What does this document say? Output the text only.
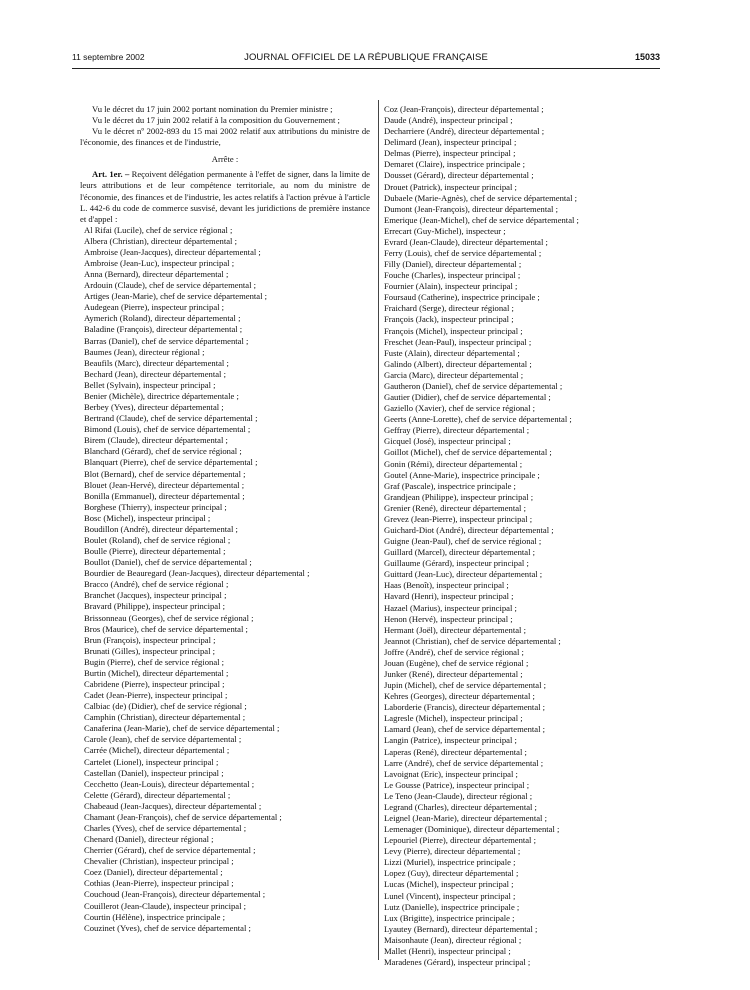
11 septembre 2002	JOURNAL OFFICIEL DE LA RÉPUBLIQUE FRANÇAISE	15033

Vu le décret du 17 juin 2002 portant nomination du Premier ministre ;

Vu le décret du 17 juin 2002 relatif à la composition du Gouvernement ;

Vu le décret nº 2002-893 du 15 mai 2002 relatif aux attributions du ministre de l'économie, des finances et de l'industrie,

Arrête :

Art. 1er. – Reçoivent délégation permanente à l'effet de signer, dans la limite de leurs attributions et de leur compétence territoriale, au nom du ministre de l'économie, des finances et de l'industrie, les actes relatifs à l'action prévue à l'article L. 442-6 du code de commerce susvisé, devant les juridictions de première instance et d'appel :

Al Rifai (Lucile), chef de service régional ;
Albera (Christian), directeur départemental ;
Ambroise (Jean-Jacques), directeur départemental ;
Ambroise (Jean-Luc), inspecteur principal ;
Anna (Bernard), directeur départemental ;
Ardouin (Claude), chef de service départemental ;
Artiges (Jean-Marie), chef de service départemental ;
Audegean (Pierre), inspecteur principal ;
Aymerich (Roland), directeur départemental ;
Baladine (François), directeur départemental ;
Barras (Daniel), chef de service départemental ;
Baumes (Jean), directeur régional ;
Beaufils (Marc), directeur départemental ;
Bechard (Jean), directeur départemental ;
Bellet (Sylvain), inspecteur principal ;
Benier (Michèle), directrice départementale ;
Berbey (Yves), directeur départemental ;
Bertrand (Claude), chef de service départemental ;
Bimond (Louis), chef de service départemental ;
Birem (Claude), directeur départemental ;
Blanchard (Gérard), chef de service régional ;
Blanquart (Pierre), chef de service départemental ;
Blot (Bernard), chef de service départemental ;
Blouet (Jean-Hervé), directeur départemental ;
Bonilla (Emmanuel), directeur départemental ;
Borghese (Thierry), inspecteur principal ;
Bosc (Michel), inspecteur principal ;
Boudillon (André), directeur départemental ;
Boulet (Roland), chef de service régional ;
Boulle (Pierre), directeur départemental ;
Boullot (Daniel), chef de service départemental ;
Bourdier de Beauregard (Jean-Jacques), directeur départemental ;
Bracco (André), chef de service régional ;
Branchet (Jacques), inspecteur principal ;
Bravard (Philippe), inspecteur principal ;
Brissonneau (Georges), chef de service régional ;
Bros (Maurice), chef de service départemental ;
Brun (François), inspecteur principal ;
Brunati (Gilles), inspecteur principal ;
Bugin (Pierre), chef de service régional ;
Burtin (Michel), directeur départemental ;
Cabridene (Pierre), inspecteur principal ;
Cadet (Jean-Pierre), inspecteur principal ;
Calbiac (de) (Didier), chef de service régional ;
Camphin (Christian), directeur départemental ;
Canaferina (Jean-Marie), chef de service départemental ;
Carole (Jean), chef de service départemental ;
Carrée (Michel), directeur départemental ;
Cartelet (Lionel), inspecteur principal ;
Castellan (Daniel), inspecteur principal ;
Cecchetto (Jean-Louis), directeur départemental ;
Celette (Gérard), directeur départemental ;
Chabeaud (Jean-Jacques), directeur départemental ;
Chamant (Jean-François), chef de service départemental ;
Charles (Yves), chef de service départemental ;
Chenard (Daniel), directeur régional ;
Cherrier (Gérard), chef de service départemental ;
Chevalier (Christian), inspecteur principal ;
Coez (Daniel), directeur départemental ;
Cothias (Jean-Pierre), inspecteur principal ;
Couchoud (Jean-François), directeur départemental ;
Couillerot (Jean-Claude), inspecteur principal ;
Courtin (Hélène), inspectrice principale ;
Couzinet (Yves), chef de service départemental ;
Coz (Jean-François), directeur départemental ;
Daude (André), inspecteur principal ;
Decharriere (André), directeur départemental ;
Delimard (Jean), inspecteur principal ;
Delmas (Pierre), inspecteur principal ;
Demaret (Claire), inspectrice principale ;
Dousset (Gérard), directeur départemental ;
Drouet (Patrick), inspecteur principal ;
Dubaele (Marie-Agnès), chef de service départemental ;
Dumont (Jean-François), directeur départemental ;
Emerique (Jean-Michel), chef de service départemental ;
Errecart (Guy-Michel), inspecteur ;
Evrard (Jean-Claude), directeur départemental ;
Ferry (Louis), chef de service départemental ;
Filly (Daniel), directeur départemental ;
Fouche (Charles), inspecteur principal ;
Fournier (Alain), inspecteur principal ;
Foursaud (Catherine), inspectrice principale ;
Fraichard (Serge), directeur régional ;
François (Jack), inspecteur principal ;
François (Michel), inspecteur principal ;
Freschet (Jean-Paul), inspecteur principal ;
Fuste (Alain), directeur départemental ;
Galindo (Albert), directeur départemental ;
Garcia (Marc), directeur départemental ;
Gautheron (Daniel), chef de service départemental ;
Gautier (Didier), chef de service départemental ;
Gaziello (Xavier), chef de service régional ;
Geerts (Anne-Lorette), chef de service départemental ;
Geffray (Pierre), directeur départemental ;
Gicquel (José), inspecteur principal ;
Goillot (Michel), chef de service départemental ;
Gonin (Rémi), directeur départemental ;
Goutel (Anne-Marie), inspectrice principale ;
Graf (Pascale), inspectrice principale ;
Grandjean (Philippe), inspecteur principal ;
Grenier (René), directeur départemental ;
Grevez (Jean-Pierre), inspecteur principal ;
Guichard-Diot (André), directeur départemental ;
Guigne (Jean-Paul), chef de service régional ;
Guillard (Marcel), directeur départemental ;
Guillaume (Gérard), inspecteur principal ;
Guittard (Jean-Luc), directeur départemental ;
Haas (Benoît), inspecteur principal ;
Havard (Henri), inspecteur principal ;
Hazael (Marius), inspecteur principal ;
Henon (Hervé), inspecteur principal ;
Hermant (Joël), directeur départemental ;
Jeannot (Christian), chef de service départemental ;
Joffre (André), chef de service régional ;
Jouan (Eugène), chef de service régional ;
Junker (René), directeur départemental ;
Jupin (Michel), chef de service départemental ;
Kehres (Georges), directeur départemental ;
Laborderie (Francis), directeur départemental ;
Lagresle (Michel), inspecteur principal ;
Lamard (Jean), chef de service départemental ;
Langin (Patrice), inspecteur principal ;
Laperas (René), directeur départemental ;
Larre (André), chef de service départemental ;
Lavoignat (Eric), inspecteur principal ;
Le Gousse (Patrice), inspecteur principal ;
Le Teno (Jean-Claude), directeur régional ;
Legrand (Charles), directeur départemental ;
Leignel (Jean-Marie), directeur départemental ;
Lemenager (Dominique), directeur départemental ;
Lepouriel (Pierre), directeur départemental ;
Levy (Pierre), directeur départemental ;
Lizzi (Muriel), inspectrice principale ;
Lopez (Guy), directeur départemental ;
Lucas (Michel), inspecteur principal ;
Lunel (Vincent), inspecteur principal ;
Lutz (Danielle), inspectrice principale ;
Lux (Brigitte), inspectrice principale ;
Lyautey (Bernard), directeur départemental ;
Maisonhaute (Jean), directeur régional ;
Mallet (Henri), inspecteur principal ;
Maradenes (Gérard), inspecteur principal ;
